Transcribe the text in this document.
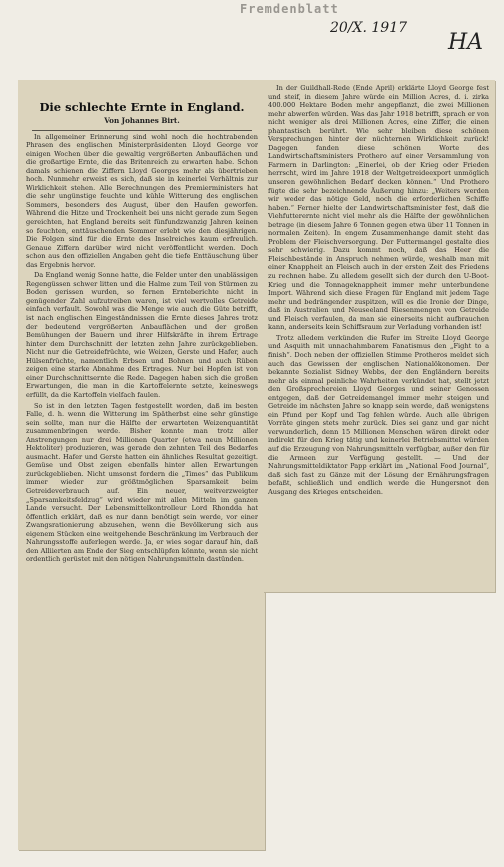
Fremdenblatt
20/X. 1917
HA
Die schlechte Ernte in England.
Von Johannes Birt.

In allgemeiner Erinnerung sind wohl noch die hochtrabenden Phrasen des englischen Ministerpräsidenten Lloyd George vor einigen Wochen über die gewaltig vergrößerten Anbauflächen und die großartige Ernte, die das Britenreich zu erwarten habe. Schon damals schienen die Ziffern Lloyd Georges mehr als übertrieben hoch. Nunmehr erweist es sich, daß sie in keinerlei Verhältnis zur Wirklichkeit stehen. Alle Berechnungen des Premierministers hat die sehr ungünstige feuchte und kühle Witterung des englischen Sommers, besonders des August, über den Haufen geworfen. Während die Hitze und Trockenheit bei uns nicht gerade zum Segen gereichten, hat England bereits seit fünfundzwanzig Jahren keinen so feuchten, enttäuschenden Sommer erlebt wie den diesjährigen. Die Folgen sind für die Ernte des Inselreiches kaum erfreulich. Genaue Ziffern darüber wird nicht veröffentlicht werden. Doch schon aus den offiziellen Angaben geht die tiefe Enttäuschung über das Ergebnis hervor.

Da England wenig Sonne hatte, die Felder unter den unablässigen Regengüssen schwer litten und die Halme zum Teil von Stürmen zu Boden gerissen wurden, so fernen Ernteberichte nicht in genügender Zahl aufzutreiben waren, ist viel wertvolles Getreide einfach verfault. Sowohl was die Menge wie auch die Güte betrifft, ist nach englischen Eingeständnissen die Ernte dieses Jahres trotz der bedeutend vergrößerten Anbauflächen und der großen Bemühungen der Bauern und ihrer Hilfskräfte in ihrem Ertrage hinter dem Durchschnitt der letzten zehn Jahre zurückgeblieben. Nicht nur die Getreidefrüchte, wie Weizen, Gerste und Hafer, auch Hülsenfrüchte, namentlich Erbsen und Bohnen und auch Rüben zeigen eine starke Abnahme des Ertrages. Nur bei Hopfen ist von einer Durchschnittsernte die Rede. Dagegen haben sich die großen Erwartungen, die man in die Kartoffelernte setzte, keineswegs erfüllt, da die Kartoffeln vielfach faulen.

So ist in den letzten Tagen festgestellt worden, daß im besten Falle, d. h. wenn die Witterung im Spätherbst eine sehr günstige sein sollte, man nur die Hälfte der erwarteten Weizenquantität zusammenbringen werde. Bisher konnte man trotz aller Anstrengungen nur drei Millionen Quarter (etwa neun Millionen Hektoliter) produzieren, was gerade den zehnten Teil des Bedarfes ausmacht. Hafer und Gerste hatten ein ähnliches Resultat gezeitigt. Gemüse und Obst zeigen ebenfalls hinter allen Erwartungen zurückgeblieben. Nicht umsonst fordern die „Times“ das Publikum immer wieder zur größtmöglichen Sparsamkeit beim Getreideverbrauch auf. Ein neuer, weitverzweigter „Sparsamkeitsfeldzug“ wird wieder mit allen Mitteln im ganzen Lande versucht. Der Lebensmittelkontrolleur Lord Rhondda hat öffentlich erklärt, daß es nur dann benötigt sein werde, vor einer Zwangsrationierung abzusehen, wenn die Bevölkerung sich aus eigenem Stücken eine weitgehende Beschränkung im Verbrauch der Nahrungsstoffe auferlegen werde. Ja, er wies sogar darauf hin, daß den Alliierten am Ende der Sieg entschlüpfen könnte, wenn sie nicht ordentlich gerüstet mit den nötigen Nahrungsmitteln dastünden.

In der Guildhall-Rede (Ende April) erklärte Lloyd George fest und steif, in diesem Jahre würde ein Million Acres, d. i. zirka 400.000 Hektare Boden mehr angepflanzt, die zwei Millionen mehr abwerfen würden. Was das Jahr 1918 betrifft, sprach er von nicht weniger als drei Millionen Acres, eine Ziffer, die einen phantastisch berührt. Wie sehr bleiben diese schönen Versprechungen hinter der nüchternen Wirklichkeit zurück! Dagegen fanden diese schönen Worte des Landwirtschaftsministers Prothero auf einer Versammlung von Farmern in Darlington: „Einerlei, ob der Krieg oder Frieden herrscht, wird im Jahre 1918 der Weltgetreideexport unmöglich unseren gewöhnlichen Bedarf decken können.“ Und Prothero fügte die sehr bezeichnende Äußerung hinzu: „Weiters werden wir weder das nötige Geld, noch die erforderlichen Schiffe haben.“ Ferner hielte der Landwirtschaftsminister fest, daß die Viehfutterernte nicht viel mehr als die Hälfte der gewöhnlichen betrage (in diesem Jahre 6 Tonnen gegen etwa über 11 Tonnen in normalen Zeiten). In engem Zusammenhange damit steht das Problem der Fleischversorgung. Der Futtermangel gestalte dies sehr schwierig. Dazu kommt noch, daß das Heer die Fleischbestände in Anspruch nehmen würde, weshalb man mit einer Knappheit an Fleisch auch in der ersten Zeit des Friedens zu rechnen habe. Zu alledem gesellt sich der durch den U-Boot-Krieg und die Tonnageknappheit immer mehr unterbundene Import. Während sich diese Fragen für England mit jedem Tage mehr und bedrängender zuspitzen, will es die Ironie der Dinge, daß in Australien und Neuseeland Riesenmengen von Getreide und Fleisch verfaulen, da man sie einerseits nicht aufbrauchen kann, anderseits kein Schiffsraum zur Verladung vorhanden ist!

Trotz alledem verkünden die Rufer im Streite Lloyd George und Asquith mit unnachahmbarem Fanatismus den „Fight to a finish“. Doch neben der offiziellen Stimme Protheros meldet sich auch das Gewissen der englischen Nationalökonomen. Der bekannte Sozialist Sidney Webbs, der den Engländern bereits mehr als einmal peinliche Wahrheiten verkündet hat, stellt jetzt den Großsprechereien Lloyd Georges und seiner Genossen entgegen, daß der Getreidemangel immer mehr steigen und Getreide im nächsten Jahre so knapp sein werde, daß wenigstens ein Pfund per Kopf und Tag fehlen würde. Auch alle übrigen Vorräte gingen stets mehr zurück. Dies sei ganz und gar nicht verwunderlich, denn 15 Millionen Menschen wären direkt oder indirekt für den Krieg tätig und keinerlei Betriebsmittel würden auf die Erzeugung von Nahrungsmitteln verfügbar, außer den für die Armeen zur Verfügung gestellt. — Und der Nahrungsmitteldiktator Papp erklärt im „National Food Journal“, daß sich fast zu Gänze mit der Lösung der Ernährungsfragen befaßt, schließlich und endlich werde die Hungersnot den Ausgang des Krieges entscheiden.
